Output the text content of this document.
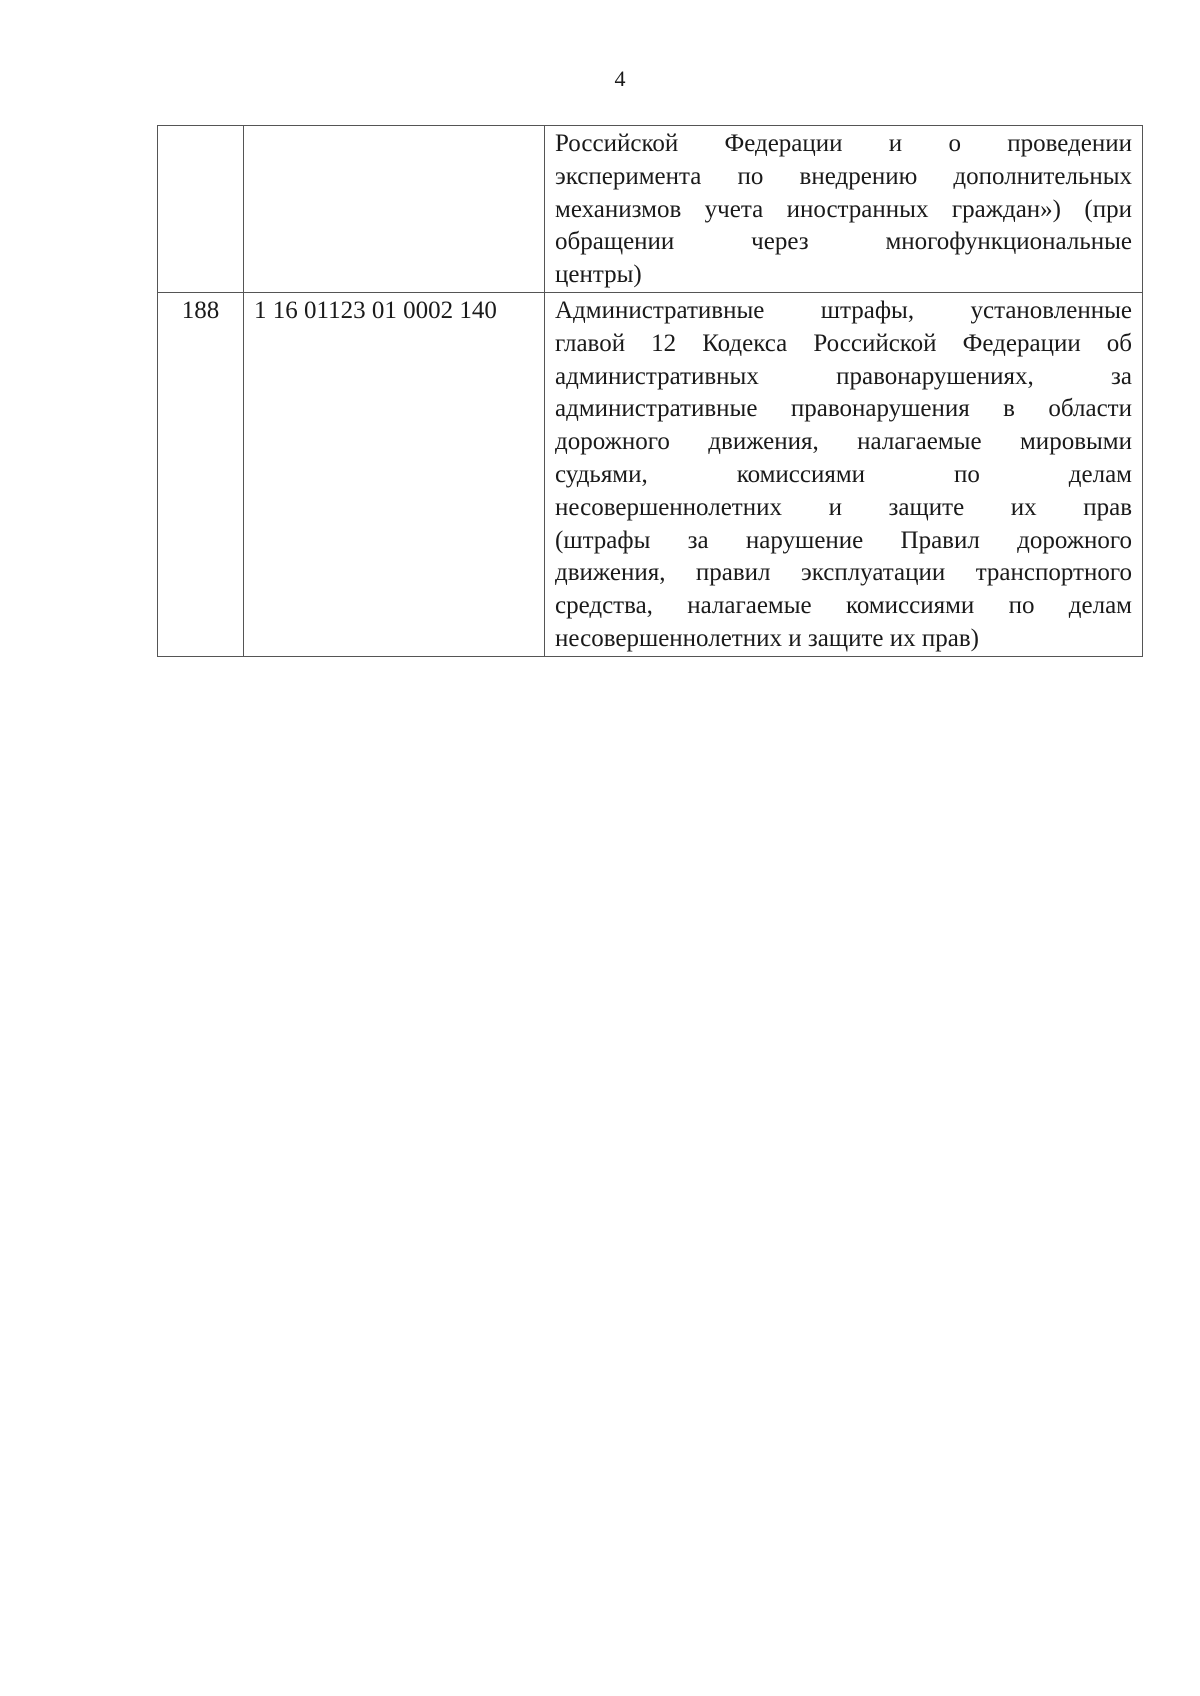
4

		Российской Федерации и о проведении
эксперимента по внедрению дополнительных
механизмов учета иностранных граждан») (при
обращении через многофункциональные
центры)

188	1 16 01123 01 0002 140	Административные штрафы, установленные
главой 12 Кодекса Российской Федерации об
административных правонарушениях, за
административные правонарушения в области
дорожного движения, налагаемые мировыми
судьями, комиссиями по делам
несовершеннолетних и защите их прав
(штрафы за нарушение Правил дорожного
движения, правил эксплуатации транспортного
средства, налагаемые комиссиями по делам
несовершеннолетних и защите их прав)
